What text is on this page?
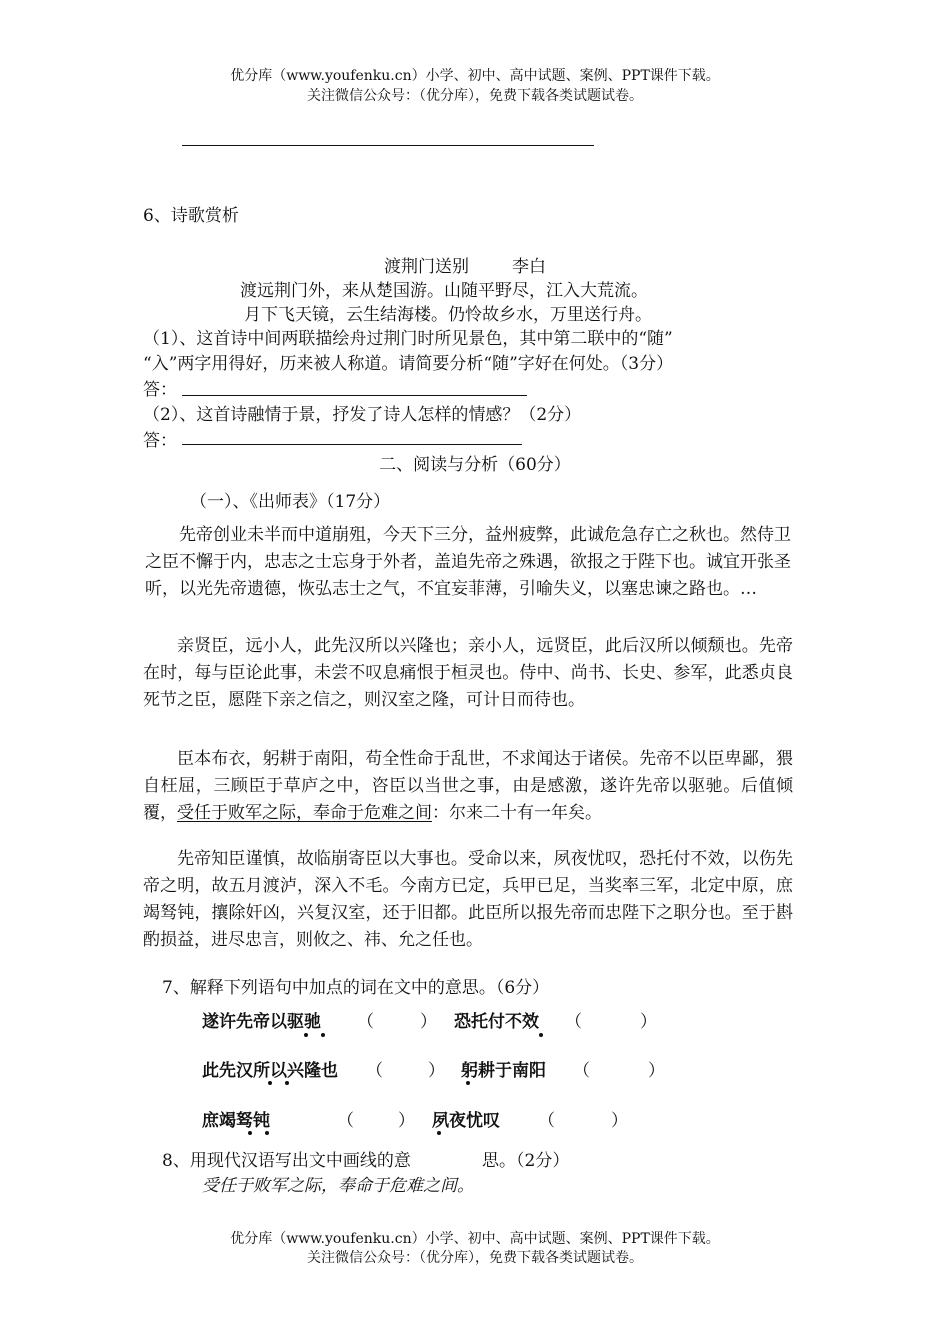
优分库（www.youfenku.cn）小学、初中、高中试题、案例、PPT课件下载。
关注微信公众号：（优分库），免费下载各类试题试卷。
6、诗歌赏析
渡荆门送别	李白
渡远荆门外，来从楚国游。山随平野尽，江入大荒流。
月下飞天镜，云生结海楼。仍怜故乡水，万里送行舟。
（1）、这首诗中间两联描绘舟过荆门时所见景色，其中第二联中的“随”
“入”两字用得好，历来被人称道。请简要分析“随”字好在何处。（3分）
答：
（2）、这首诗融情于景，抒发了诗人怎样的情感？（2分）
答：
二、阅读与分析（60分）
（一）、《出师表》（17分）
先帝创业未半而中道崩殂，今天下三分，益州疲弊，此诚危急存亡之秋也。然侍卫之臣不懈于内，忠志之士忘身于外者，盖追先帝之殊遇，欲报之于陛下也。诚宜开张圣听，以光先帝遗德，恢弘志士之气，不宜妄菲薄，引喻失义，以塞忠谏之路也。…
亲贤臣，远小人，此先汉所以兴隆也；亲小人，远贤臣，此后汉所以倾颓也。先帝在时，每与臣论此事，未尝不叹息痛恨于桓灵也。侍中、尚书、长史、参军，此悉贞良死节之臣，愿陛下亲之信之，则汉室之隆，可计日而待也。
臣本布衣，躬耕于南阳，苟全性命于乱世，不求闻达于诸侯。先帝不以臣卑鄙，猥自枉屈，三顾臣于草庐之中，咨臣以当世之事，由是感激，遂许先帝以驱驰。后值倾覆，受任于败军之际，奉命于危难之间：尔来二十有一年矣。
先帝知臣谨慎，故临崩寄臣以大事也。受命以来，夙夜忧叹，恐托付不效，以伤先帝之明，故五月渡泸，深入不毛。今南方已定，兵甲已足，当奖率三军，北定中原，庶竭驽钝，攘除奸凶，兴复汉室，还于旧都。此臣所以报先帝而忠陛下之职分也。至于斟酌损益，进尽忠言，则攸之、祎、允之任也。
7、解释下列语句中加点的词在文中的意思。（6分）
遂许先帝以驱驰 （	） 恐托付不效 （	）
此先汉所以兴隆也 （	） 躬耕于南阳 （	）
庶竭驽钝	（	） 夙夜忧叹 （	）
8、用现代汉语写出文中画线的意	思。（2分）
受任于败军之际，奉命于危难之间。
优分库（www.youfenku.cn）小学、初中、高中试题、案例、PPT课件下载。
关注微信公众号：（优分库），免费下载各类试题试卷。
